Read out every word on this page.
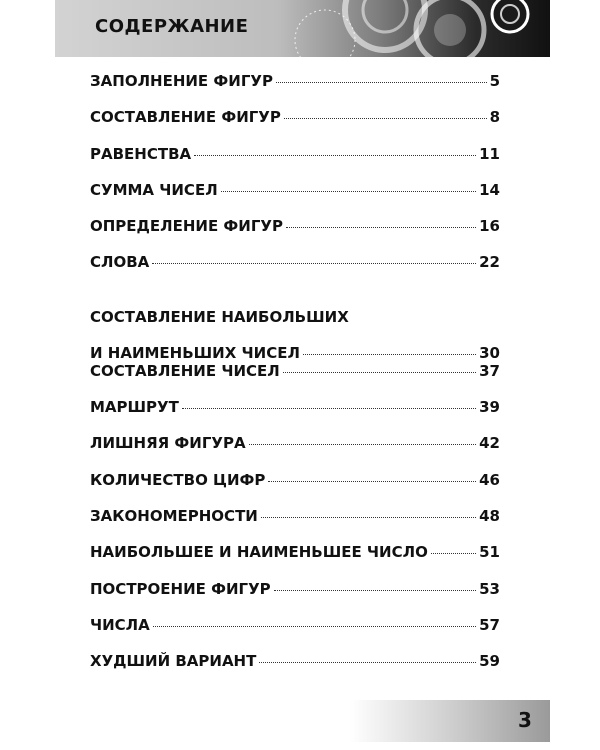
СОДЕРЖАНИЕ
ЗАПОЛНЕНИЕ ФИГУР	5
СОСТАВЛЕНИЕ ФИГУР	8
РАВЕНСТВА	11
СУММА ЧИСЕЛ	14
ОПРЕДЕЛЕНИЕ ФИГУР	16
СЛОВА	22
СОСТАВЛЕНИЕ НАИБОЛЬШИХ
И НАИМЕНЬШИХ ЧИСЕЛ	30
СОСТАВЛЕНИЕ ЧИСЕЛ	37
МАРШРУТ	39
ЛИШНЯЯ ФИГУРА	42
КОЛИЧЕСТВО ЦИФР	46
ЗАКОНОМЕРНОСТИ	48
НАИБОЛЬШЕЕ И НАИМЕНЬШЕЕ ЧИСЛО	51
ПОСТРОЕНИЕ ФИГУР	53
ЧИСЛА	57
ХУДШИЙ ВАРИАНТ	59
3
